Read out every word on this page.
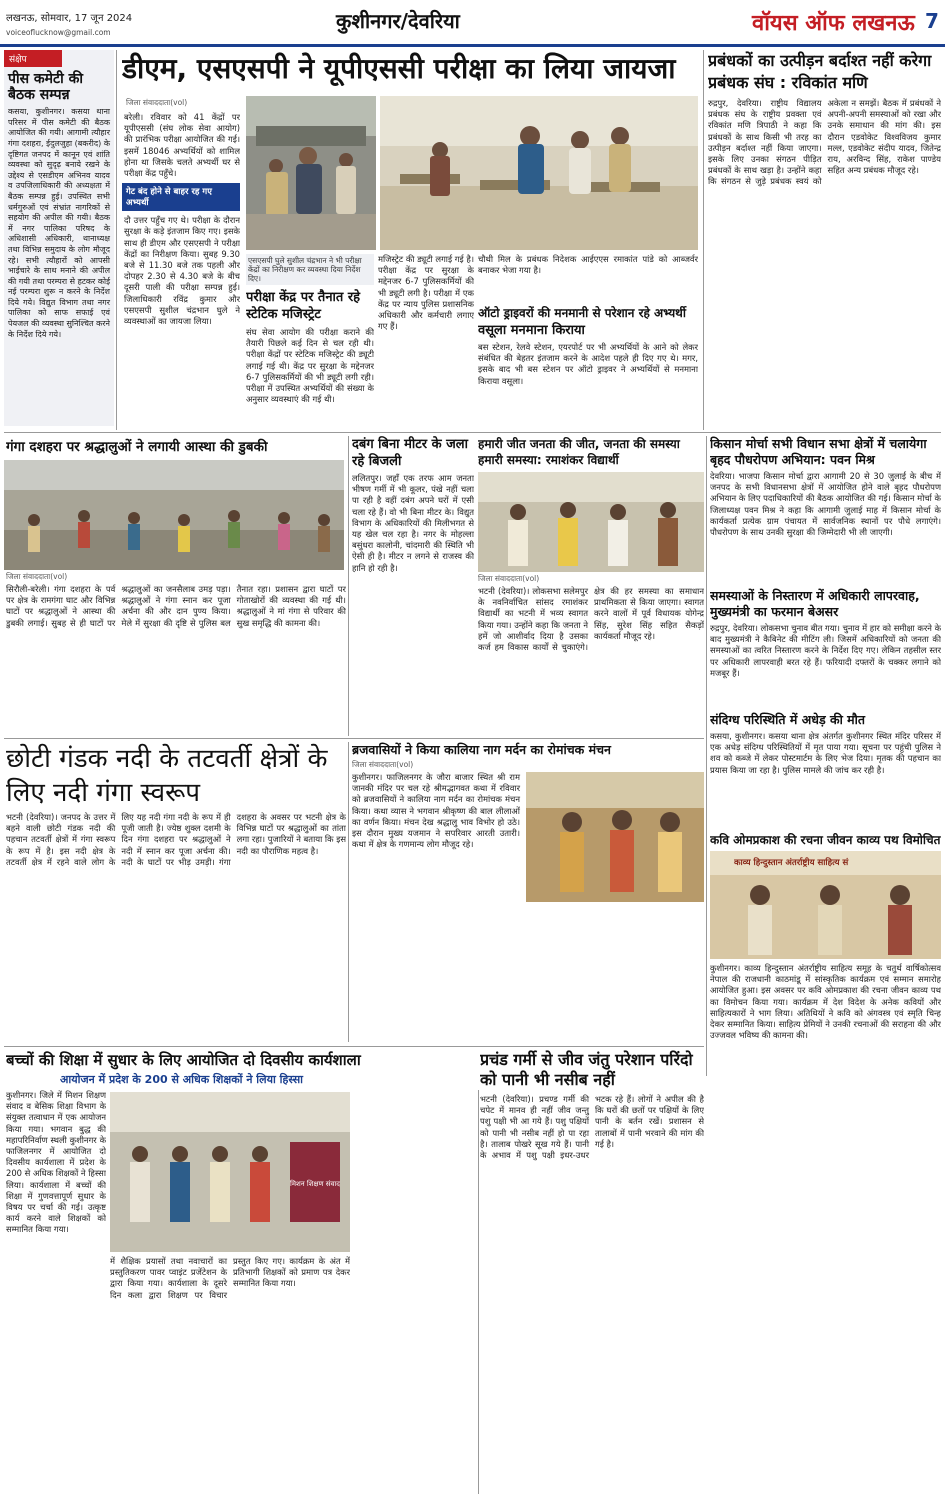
लखनऊ, सोमवार, 17 जून 2024
voiceoflucknow@gmail.com	कुशीनगर/देवरिया	वॉयस ऑफ लखनऊ 7
संक्षेप
पीस कमेटी की बैठक सम्पन्न
कसया, कुशीनगर। कसया थाना परिसर में पीस कमेटी की बैठक आयोजित की गयी। आगामी त्यौहार गंगा दशहरा, ईदुलजुहा (बकरीद) के दृष्टिगत जनपद में कानून एवं शांति व्यवस्था को सुदृढ़ बनाये रखने के उद्देश्य से एसडीएम अभिनव यादव व उपजिलाधिकारी की अध्यक्षता में बैठक सम्पन्न हुई। उपस्थित सभी धर्मगुरुओं एवं संभ्रांत नागरिकों से सहयोग की अपील की गयी। बैठक में नगर पालिका परिषद के अधिशासी अधिकारी, थानाध्यक्ष तथा विभिन्न समुदाय के लोग मौजूद रहे। सभी त्यौहारों को आपसी भाईचारे के साथ मनाने की अपील की गयी तथा परम्परा से हटकर कोई नई परम्परा शुरू न करने के निर्देश दिये गये। विद्युत विभाग तथा नगर पालिका को साफ सफाई एवं पेयजल की व्यवस्था सुनिश्चित करने के निर्देश दिये गये।
डीएम, एसएसपी ने यूपीएससी परीक्षा का लिया जायजा
जिला संवाददाता(vol)
बरेली। रविवार को 41 केंद्रों पर यूपीएससी (संघ लोक सेवा आयोग) की प्रारंभिक परीक्षा आयोजित की गई। इसमें 18046 अभ्यर्थियों को शामिल होना था जिसके चलते अभ्यर्थी घर से परीक्षा केंद्र पहुँचे।
गेट बंद होने से बाहर रह गए अभ्यर्थी
दौ उत्तर पहुँच गए थे। परीक्षा के दौरान सुरक्षा के कड़े इंतजाम किए गए। इसके साथ ही डीएम और एसएसपी ने परीक्षा केंद्रों का निरीक्षण किया। सुबह 9.30 बजे से 11.30 बजे तक पहली और दोपहर 2.30 से 4.30 बजे के बीच दूसरी पाली की परीक्षा सम्पन्न हुई। जिलाधिकारी रविंद्र कुमार और एसएसपी सुशील चंद्रभान घुले ने व्यवस्थाओं का जायजा लिया।
एसएसपी घुले सुशील चंद्रभान ने भी परीक्षा केंद्रों का निरीक्षण कर व्यवस्था दिया निर्देश दिए।
परीक्षा केंद्र पर तैनात रहे स्टेटिक मजिस्ट्रेट
संघ सेवा आयोग की परीक्षा कराने की तैयारी पिछले कई दिन से चल रही थी। परीक्षा केंद्रों पर स्टेटिक मजिस्ट्रेट की ड्यूटी लगाई गई थी। केंद्र पर सुरक्षा के मद्देनजर 6-7 पुलिसकर्मियों की भी ड्यूटी लगी रही। परीक्षा में उपस्थित अभ्यर्थियों की संख्या के अनुसार व्यवस्थाएं की गई थी।
मजिस्ट्रेट की ड्यूटी लगाई गई है। परीक्षा केंद्र पर सुरक्षा के मद्देनजर 6-7 पुलिसकर्मियों की भी ड्यूटी लगी है। परीक्षा में एक केंद्र पर न्याय पुलिस प्रशासनिक अधिकारी और कर्मचारी लगाए गए हैं।
चौथी मिल के प्रबंधक निदेशक आईएएस रमाकांत पांडे को आब्जर्वर बनाकर भेजा गया है।
ऑटो ड्राइवरों की मनमानी से परेशान रहे अभ्यर्थी
वसूला मनमाना किराया
बस स्टेशन, रेलवे स्टेशन, एयरपोर्ट पर भी अभ्यर्थियों के आने को लेकर संबंधित की बेहतर इंतजाम करने के आदेश पहले ही दिए गए थे। मगर, इसके बाद भी बस स्टेशन पर ऑटो ड्राइवर ने अभ्यर्थियों से मनमाना किराया वसूला।
प्रबंधकों का उत्पीड़न बर्दाश्त नहीं करेगा प्रबंधक संघ : रविकांत मणि
रुद्रपुर, देवरिया। राष्ट्रीय विद्यालय प्रबंधक संघ के राष्ट्रीय प्रवक्ता एवं रविकांत मणि त्रिपाठी ने कहा कि प्रबंधकों के साथ किसी भी तरह का उत्पीड़न बर्दाश्त नहीं किया जाएगा। इसके लिए उनका संगठन पीड़ित प्रबंधकों के साथ खड़ा है। उन्होंने कहा कि संगठन से जुड़े प्रबंधक स्वयं को अकेला न समझें। बैठक में प्रबंधकों ने अपनी-अपनी समस्याओं को रखा और उनके समाधान की मांग की। इस दौरान एडवोकेट विश्वविजय कुमार मल्ल, एडवोकेट संदीप यादव, जितेन्द्र राय, अरविन्द सिंह, राकेश पाण्डेय सहित अन्य प्रबंधक मौजूद रहे।
गंगा दशहरा पर श्रद्धालुओं ने लगायी आस्था की डुबकी
जिला संवाददाता(vol)
सिरौली-बरेली। गंगा दशहरा के पर्व पर क्षेत्र के रामगंगा घाट और विभिन्न घाटों पर श्रद्धालुओं ने आस्था की डुबकी लगाई। सुबह से ही घाटों पर श्रद्धालुओं का जनसैलाब उमड़ पड़ा। श्रद्धालुओं ने गंगा स्नान कर पूजा अर्चना की और दान पुण्य किया। मेले में सुरक्षा की दृष्टि से पुलिस बल तैनात रहा। प्रशासन द्वारा घाटों पर गोताखोरों की व्यवस्था की गई थी। श्रद्धालुओं ने मां गंगा से परिवार की सुख समृद्धि की कामना की।
दबंग बिना मीटर के जला रहे बिजली
ललितपुर। जहाँ एक तरफ आम जनता भीषण गर्मी में भी कूलर, पंखे नहीं चला पा रही है वहीं दबंग अपने घरों में एसी चला रहे हैं। वो भी बिना मीटर के। विद्युत विभाग के अधिकारियों की मिलीभगत से यह खेल चल रहा है। नगर के मोहल्ला बसुंधरा कालोनी, चांदमारी की स्थिति भी ऐसी ही है। मीटर न लगने से राजस्व की हानि हो रही है।
हमारी जीत जनता की जीत, जनता की समस्या हमारी समस्या: रमाशंकर विद्यार्थी
जिला संवाददाता(vol)
भटनी (देवरिया)। लोकसभा सलेमपुर के नवनिर्वाचित सांसद रमाशंकर विद्यार्थी का भटनी में भव्य स्वागत किया गया। उन्होंने कहा कि जनता ने हमें जो आशीर्वाद दिया है उसका कर्ज हम विकास कार्यों से चुकाएंगे। क्षेत्र की हर समस्या का समाधान प्राथमिकता से किया जाएगा। स्वागत करने वालों में पूर्व विधायक योगेन्द्र सिंह, सुरेश सिंह सहित सैकड़ों कार्यकर्ता मौजूद रहे।
किसान मोर्चा सभी विधान सभा क्षेत्रों में चलायेगा बृहद पौधरोपण अभियान: पवन मिश्र
देवरिया। भाजपा किसान मोर्चा द्वारा आगामी 20 से 30 जुलाई के बीच में जनपद के सभी विधानसभा क्षेत्रों में आयोजित होने वाले बृहद पौधरोपण अभियान के लिए पदाधिकारियों की बैठक आयोजित की गई। किसान मोर्चा के जिलाध्यक्ष पवन मिश्र ने कहा कि आगामी जुलाई माह में किसान मोर्चा के कार्यकर्ता प्रत्येक ग्राम पंचायत में सार्वजनिक स्थानों पर पौधे लगाएंगे। पौधरोपण के साथ उनकी सुरक्षा की जिम्मेदारी भी ली जाएगी।
समस्याओं के निस्तारण में अधिकारी लापरवाह, मुख्यमंत्री का फरमान बेअसर
रुद्रपुर, देवरिया। लोकसभा चुनाव बीत गया। चुनाव में हार को समीक्षा करने के बाद मुख्यमंत्री ने कैबिनेट की मीटिंग ली। जिसमें अधिकारियों को जनता की समस्याओं का त्वरित निस्तारण करने के निर्देश दिए गए। लेकिन तहसील स्तर पर अधिकारी लापरवाही बरत रहे हैं। फरियादी दफ्तरों के चक्कर लगाने को मजबूर हैं।
संदिग्ध परिस्थिति में अधेड़ की मौत
कसया, कुशीनगर। कसया थाना क्षेत्र अंतर्गत कुशीनगर स्थित मंदिर परिसर में एक अधेड़ संदिग्ध परिस्थितियों में मृत पाया गया। सूचना पर पहुंची पुलिस ने शव को कब्जे में लेकर पोस्टमार्टम के लिए भेज दिया। मृतक की पहचान का प्रयास किया जा रहा है। पुलिस मामले की जांच कर रही है।
कवि ओमप्रकाश की रचना जीवन काव्य पथ विमोचित
काव्य हिन्दुस्तान अंतर्राष्ट्रीय साहित्य सं
कुशीनगर। काव्य हिन्दुस्तान अंतर्राष्ट्रीय साहित्य समूह के चतुर्थ वार्षिकोत्सव नेपाल की राजधानी काठमांडू में सांस्कृतिक कार्यक्रम एवं सम्मान समारोह आयोजित हुआ। इस अवसर पर कवि ओमप्रकाश की रचना जीवन काव्य पथ का विमोचन किया गया। कार्यक्रम में देश विदेश के अनेक कवियों और साहित्यकारों ने भाग लिया। अतिथियों ने कवि को अंगवस्त्र एवं स्मृति चिन्ह देकर सम्मानित किया। साहित्य प्रेमियों ने उनकी रचनाओं की सराहना की और उज्जवल भविष्य की कामना की।
छोटी गंडक नदी के तटवर्ती क्षेत्रों के लिए नदी गंगा स्वरूप
भटनी (देवरिया)। जनपद के उत्तर में बहने वाली छोटी गंडक नदी की पहचान तटवर्ती क्षेत्रों में गंगा स्वरूप के रूप में है। इस नदी क्षेत्र के तटवर्ती क्षेत्र में रहने वाले लोग के लिए यह नदी गंगा नदी के रूप में ही पूजी जाती है। ज्येष्ठ शुक्ल दशमी के दिन गंगा दशहरा पर श्रद्धालुओं ने नदी में स्नान कर पूजा अर्चना की। नदी के घाटों पर भीड़ उमड़ी। गंगा दशहरा के अवसर पर भटनी क्षेत्र के विभिन्न घाटों पर श्रद्धालुओं का तांता लगा रहा। पुजारियों ने बताया कि इस नदी का पौराणिक महत्व है।
ब्रजवासियों ने किया कालिया नाग मर्दन का रोमांचक मंचन
जिला संवाददाता(vol)
कुशीनगर। फाजिलनगर के जौरा बाजार स्थित श्री राम जानकी मंदिर पर चल रहे श्रीमद्भागवत कथा में रविवार को ब्रजवासियों ने कालिया नाग मर्दन का रोमांचक मंचन किया। कथा व्यास ने भगवान श्रीकृष्ण की बाल लीलाओं का वर्णन किया। मंचन देख श्रद्धालु भाव विभोर हो उठे। इस दौरान मुख्य यजमान ने सपरिवार आरती उतारी। कथा में क्षेत्र के गणमान्य लोग मौजूद रहे।
बच्चों की शिक्षा में सुधार के लिए आयोजित दो दिवसीय कार्यशाला
आयोजन में प्रदेश के 200 से अधिक शिक्षकों ने लिया हिस्सा
कुशीनगर। जिले में मिशन शिक्षण संवाद व बेसिक शिक्षा विभाग के संयुक्त तत्वाधान में एक आयोजन किया गया। भगवान बुद्ध की महापरिनिर्वाण स्थली कुशीनगर के फाजिलनगर में आयोजित दो दिवसीय कार्यशाला में प्रदेश के 200 से अधिक शिक्षकों ने हिस्सा लिया। कार्यशाला में बच्चों की शिक्षा में गुणवत्तापूर्ण सुधार के विषय पर चर्चा की गई। उत्कृष्ट कार्य करने वाले शिक्षकों को सम्मानित किया गया।
मिशन शिक्षण संवाद
में शैक्षिक प्रयासों तथा नवाचारों का प्रस्तुतिकरण पावर प्वाइंट प्रजेंटेशन के द्वारा किया गया। कार्यशाला के दूसरे दिन कला द्वारा शिक्षण पर विचार प्रस्तुत किए गए। कार्यक्रम के अंत में प्रतिभागी शिक्षकों को प्रमाण पत्र देकर सम्मानित किया गया।
प्रचंड गर्मी से जीव जंतु परेशान परिंदो को पानी भी नसीब नहीं
भटनी (देवरिया)। प्रचण्ड गर्मी की चपेट में मानव ही नहीं जीव जन्तु पशु पक्षी भी आ गये हैं। पशु पक्षियों को पानी भी नसीब नहीं हो पा रहा है। तालाब पोखरे सूख गये हैं। पानी के अभाव में पशु पक्षी इधर-उधर भटक रहे हैं। लोगों ने अपील की है कि घरों की छतों पर पक्षियों के लिए पानी के बर्तन रखें। प्रशासन से तालाबों में पानी भरवाने की मांग की गई है।
